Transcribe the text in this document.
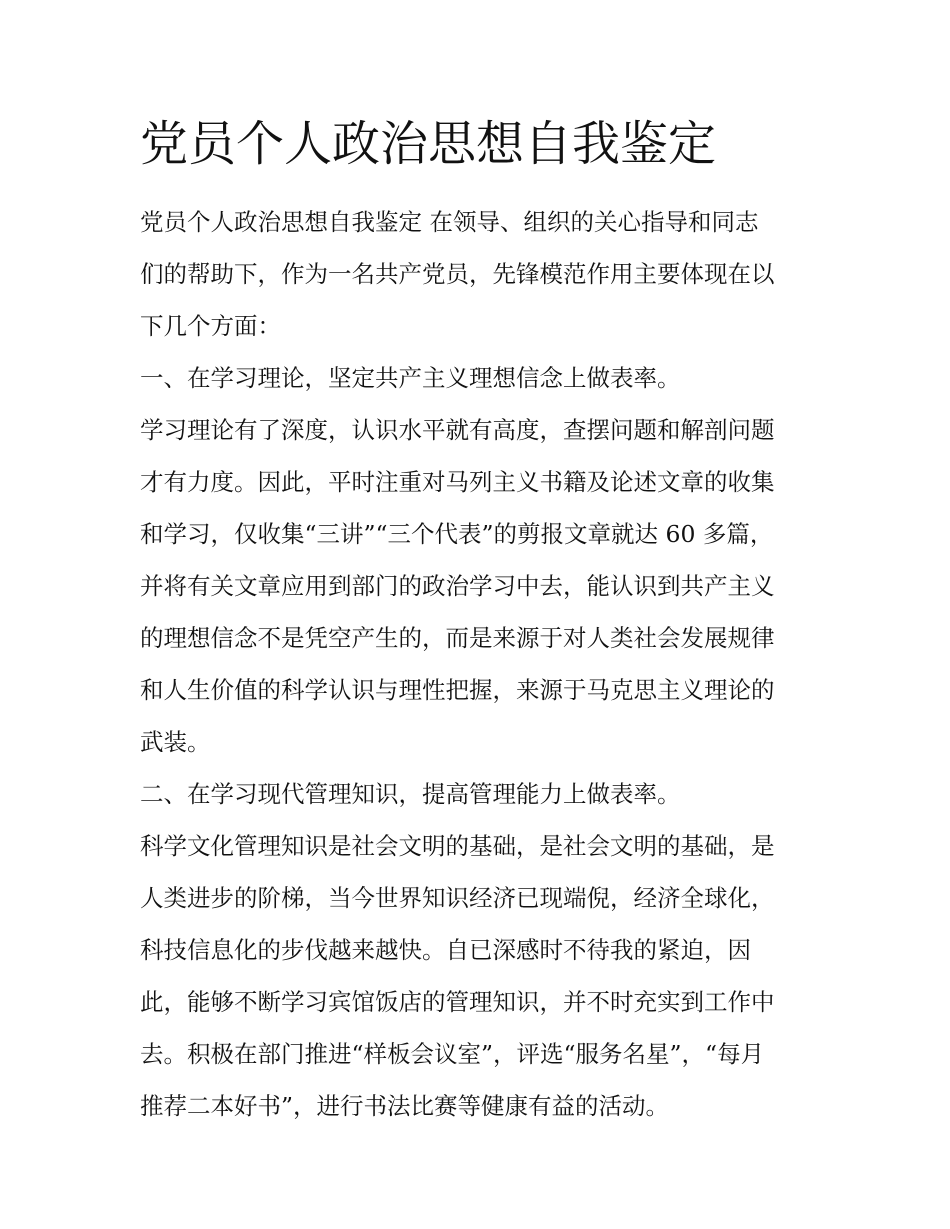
党员个人政治思想自我鉴定
党员个人政治思想自我鉴定 在领导、组织的关心指导和同志
们的帮助下，作为一名共产党员，先锋模范作用主要体现在以
下几个方面：
一、在学习理论，坚定共产主义理想信念上做表率。
学习理论有了深度，认识水平就有高度，查摆问题和解剖问题
才有力度。因此，平时注重对马列主义书籍及论述文章的收集
和学习，仅收集“三讲”“三个代表”的剪报文章就达 60 多篇，
并将有关文章应用到部门的政治学习中去，能认识到共产主义
的理想信念不是凭空产生的，而是来源于对人类社会发展规律
和人生价值的科学认识与理性把握，来源于马克思主义理论的
武装。
二、在学习现代管理知识，提高管理能力上做表率。
科学文化管理知识是社会文明的基础，是社会文明的基础，是
人类进步的阶梯，当今世界知识经济已现端倪，经济全球化，
科技信息化的步伐越来越快。自已深感时不待我的紧迫，因
此，能够不断学习宾馆饭店的管理知识，并不时充实到工作中
去。积极在部门推进“样板会议室”，评选“服务名星”，“每月
推荐二本好书”，进行书法比赛等健康有益的活动。
